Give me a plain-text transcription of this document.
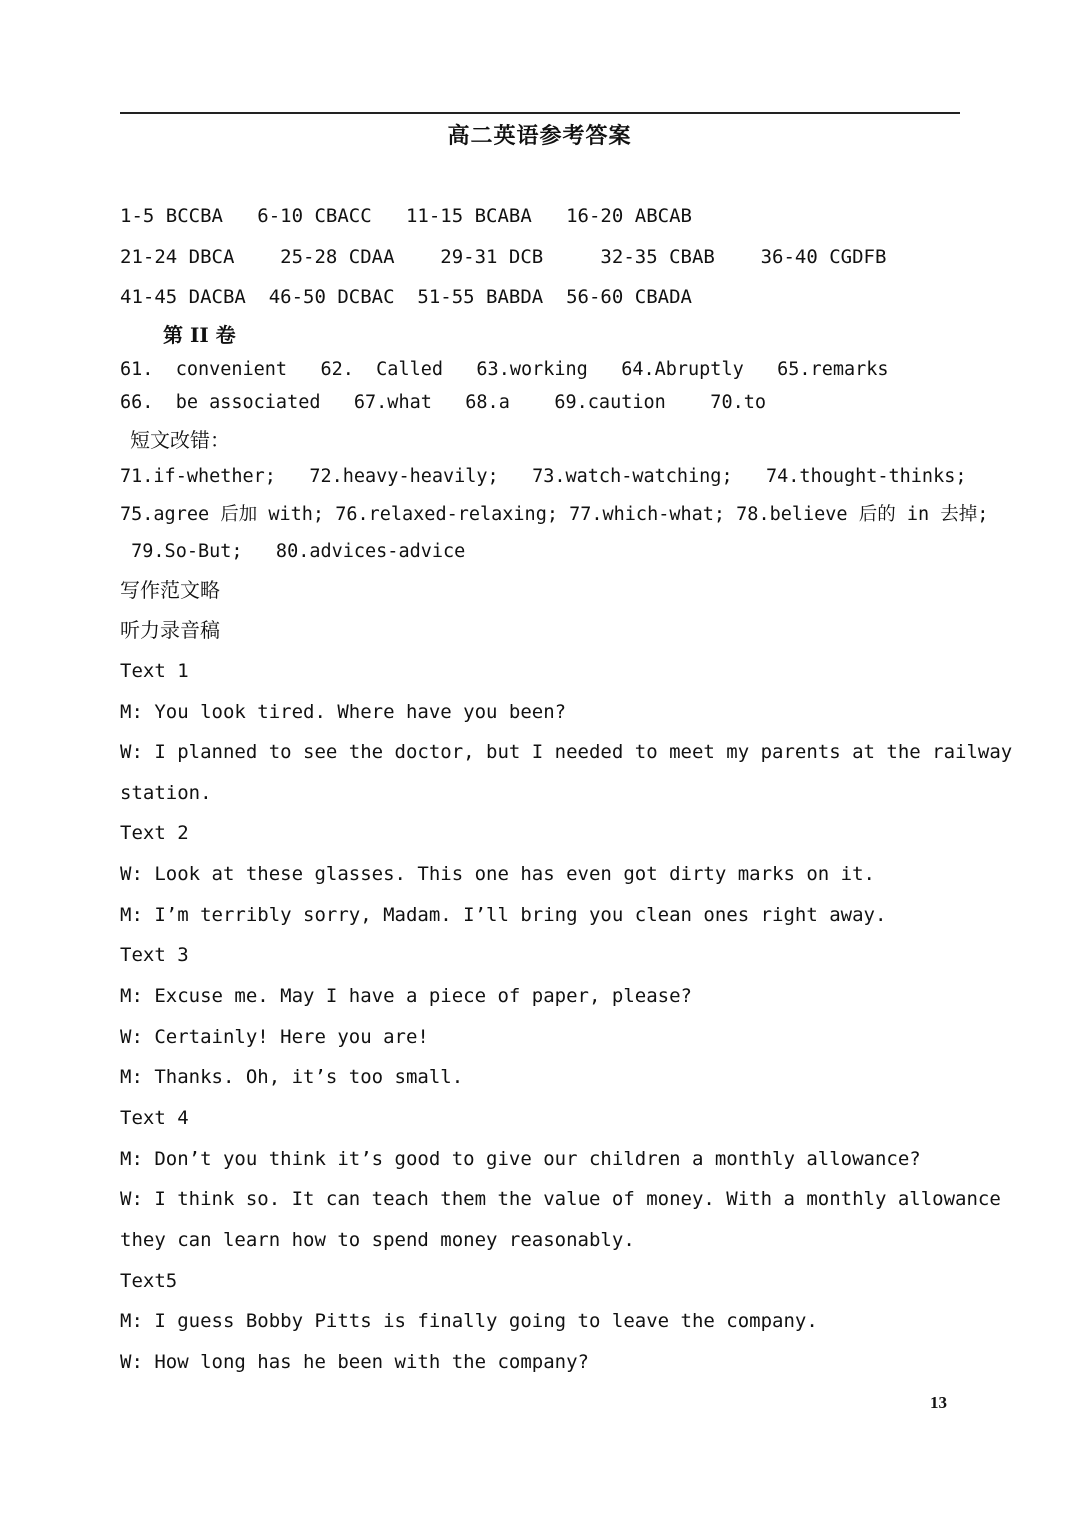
高二英语参考答案
1-5 BCCBA   6-10 CBACC   11-15 BCABA   16-20 ABCAB
21-24 DBCA    25-28 CDAA    29-31 DCB     32-35 CBAB    36-40 CGDFB
41-45 DACBA  46-50 DCBAC  51-55 BABDA  56-60 CBADA
第 II 卷
61.  convenient   62.  Called   63.working   64.Abruptly   65.remarks
66.  be associated   67.what   68.a    69.caution    70.to
短文改错：
71.if-whether;   72.heavy-heavily;   73.watch-watching;   74.thought-thinks;
75.agree 后加 with; 76.relaxed-relaxing; 77.which-what; 78.believe 后的 in 去掉;
79.So-But;   80.advices-advice
写作范文略
听力录音稿
Text 1
M: You look tired. Where have you been?
W: I planned to see the doctor, but I needed to meet my parents at the railway
station.
Text 2
W: Look at these glasses. This one has even got dirty marks on it.
M: I’m terribly sorry, Madam. I’ll bring you clean ones right away.
Text 3
M: Excuse me. May I have a piece of paper, please?
W: Certainly! Here you are!
M: Thanks. Oh, it’s too small.
Text 4
M: Don’t you think it’s good to give our children a monthly allowance?
W: I think so. It can teach them the value of money. With a monthly allowance
they can learn how to spend money reasonably.
Text5
M: I guess Bobby Pitts is finally going to leave the company.
W: How long has he been with the company?
13
